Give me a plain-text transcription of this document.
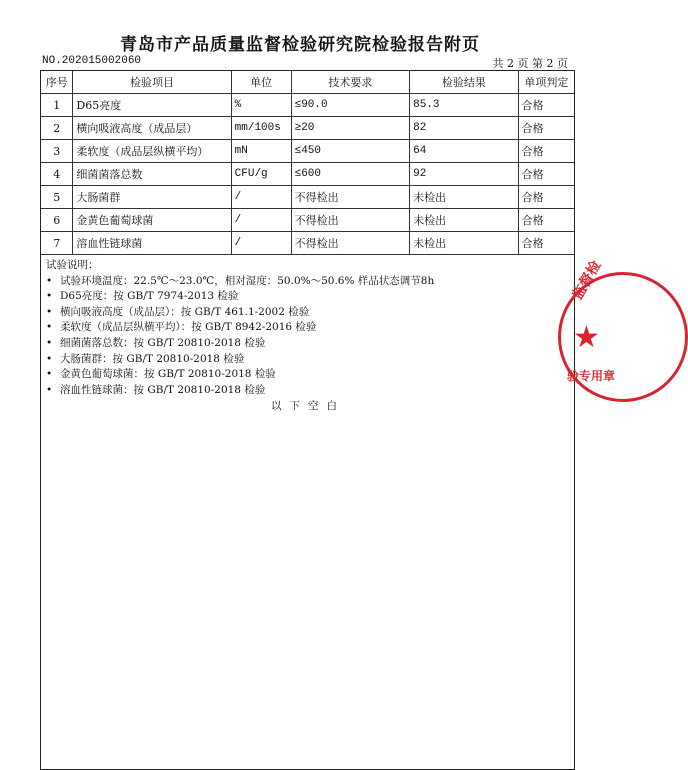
青岛市产品质量监督检验研究院检验报告附页
NO.202015002060	共 2 页 第 2 页
序号	检验项目	单位	技术要求	检验结果	单项判定
1	D65亮度	%	≤90.0	85.3	合格
2	横向吸液高度（成品层）	mm/100s	≥20	82	合格
3	柔软度（成品层纵横平均）	mN	≤450	64	合格
4	细菌菌落总数	CFU/g	≤600	92	合格
5	大肠菌群	/	不得检出	未检出	合格
6	金黄色葡萄球菌	/	不得检出	未检出	合格
7	溶血性链球菌	/	不得检出	未检出	合格
试验说明：
• 试验环境温度：22.5℃～23.0℃，相对湿度：50.0%～50.6% 样品状态调节8h
• D65亮度：按 GB/T 7974-2013 检验
• 横向吸液高度（成品层）：按 GB/T 461.1-2002 检验
• 柔软度（成品层纵横平均）：按 GB/T 8942-2016 检验
• 细菌菌落总数：按 GB/T 20810-2018 检验
• 大肠菌群：按 GB/T 20810-2018 检验
• 金黄色葡萄球菌：按 GB/T 20810-2018 检验
• 溶血性链球菌：按 GB/T 20810-2018 检验
以下空白
监督检
★
验专用章
